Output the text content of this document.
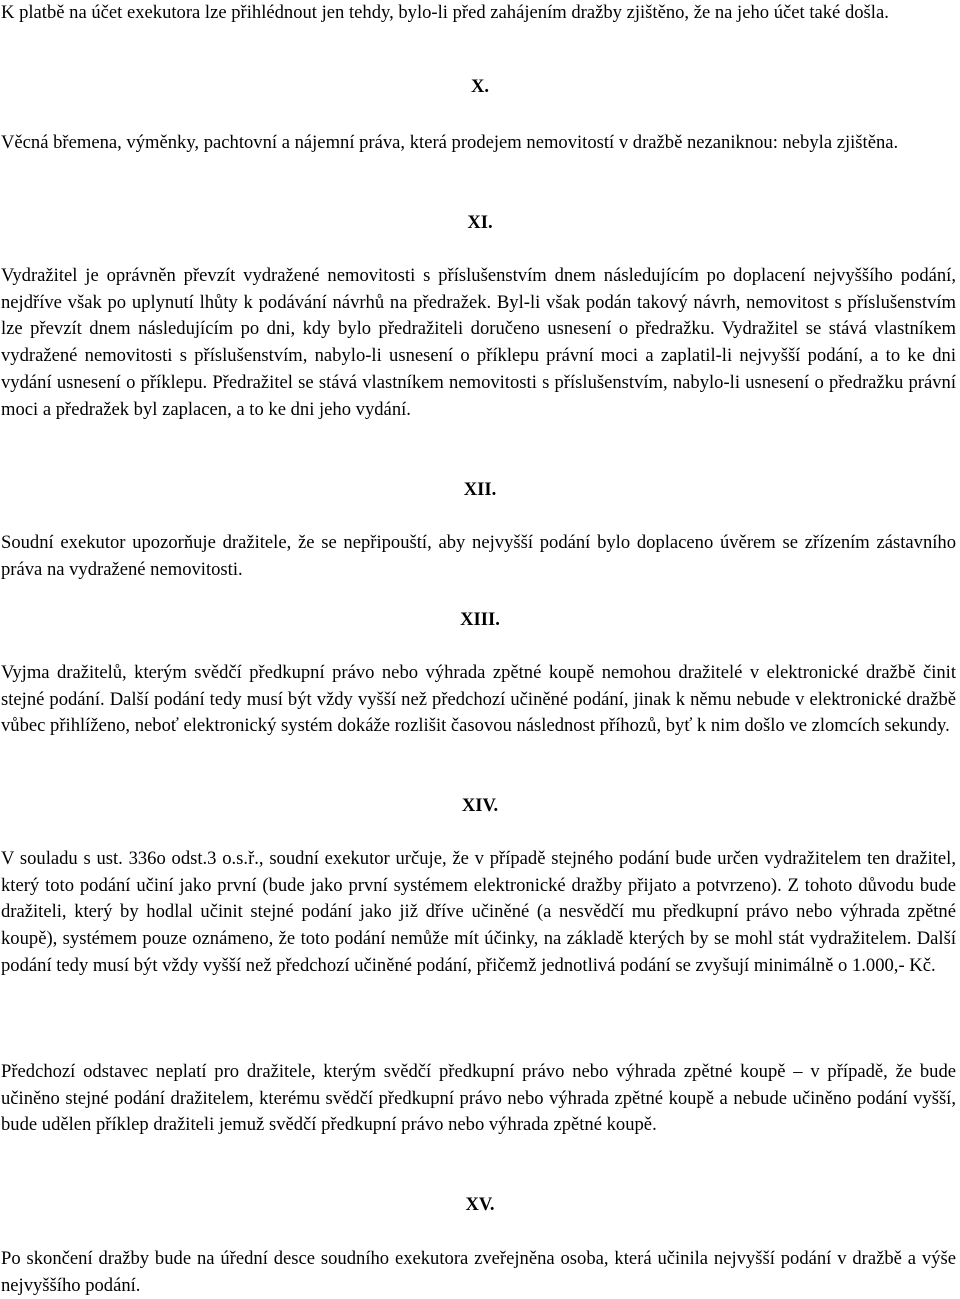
K platbě na účet exekutora lze přihlédnout jen tehdy, bylo-li před zahájením dražby zjištěno, že na jeho účet také došla.

X.

Věcná břemena, výměnky, pachtovní a nájemní práva, která prodejem nemovitostí v dražbě nezaniknou: nebyla zjištěna.

XI.

Vydražitel je oprávněn převzít vydražené nemovitosti s příslušenstvím dnem následujícím po doplacení nejvyššího podání, nejdříve však po uplynutí lhůty k podávání návrhů na předražek. Byl-li však podán takový návrh, nemovitost s příslušenstvím lze převzít dnem následujícím po dni, kdy bylo předražiteli doručeno usnesení o předražku. Vydražitel se stává vlastníkem vydražené nemovitosti s příslušenstvím, nabylo-li usnesení o příklepu právní moci a zaplatil-li nejvyšší podání, a to ke dni vydání usnesení o příklepu. Předražitel se stává vlastníkem nemovitosti s příslušenstvím, nabylo-li usnesení o předražku právní moci a předražek byl zaplacen, a to ke dni jeho vydání.

XII.

Soudní exekutor upozorňuje dražitele, že se nepřipouští, aby nejvyšší podání bylo doplaceno úvěrem se zřízením zástavního práva na vydražené nemovitosti.

XIII.

Vyjma dražitelů, kterým svědčí předkupní právo nebo výhrada zpětné koupě nemohou dražitelé v elektronické dražbě činit stejné podání. Další podání tedy musí být vždy vyšší než předchozí učiněné podání, jinak k němu nebude v elektronické dražbě vůbec přihlíženo, neboť elektronický systém dokáže rozlišit časovou následnost příhozů, byť k nim došlo ve zlomcích sekundy.

XIV.

V souladu s ust. 336o odst.3 o.s.ř., soudní exekutor určuje, že v případě stejného podání bude určen vydražitelem ten dražitel, který toto podání učiní jako první (bude jako první systémem elektronické dražby přijato a potvrzeno). Z tohoto důvodu bude dražiteli, který by hodlal učinit stejné podání jako již dříve učiněné (a nesvědčí mu předkupní právo nebo výhrada zpětné koupě), systémem pouze oznámeno, že toto podání nemůže mít účinky, na základě kterých by se mohl stát vydražitelem. Další podání tedy musí být vždy vyšší než předchozí učiněné podání, přičemž jednotlivá podání se zvyšují minimálně o 1.000,- Kč.

Předchozí odstavec neplatí pro dražitele, kterým svědčí předkupní právo nebo výhrada zpětné koupě – v případě, že bude učiněno stejné podání dražitelem, kterému svědčí předkupní právo nebo výhrada zpětné koupě a nebude učiněno podání vyšší, bude udělen příklep dražiteli jemuž svědčí předkupní právo nebo výhrada zpětné koupě.

XV.

Po skončení dražby bude na úřední desce soudního exekutora zveřejněna osoba, která učinila nejvyšší podání v dražbě a výše nejvyššího podání.
